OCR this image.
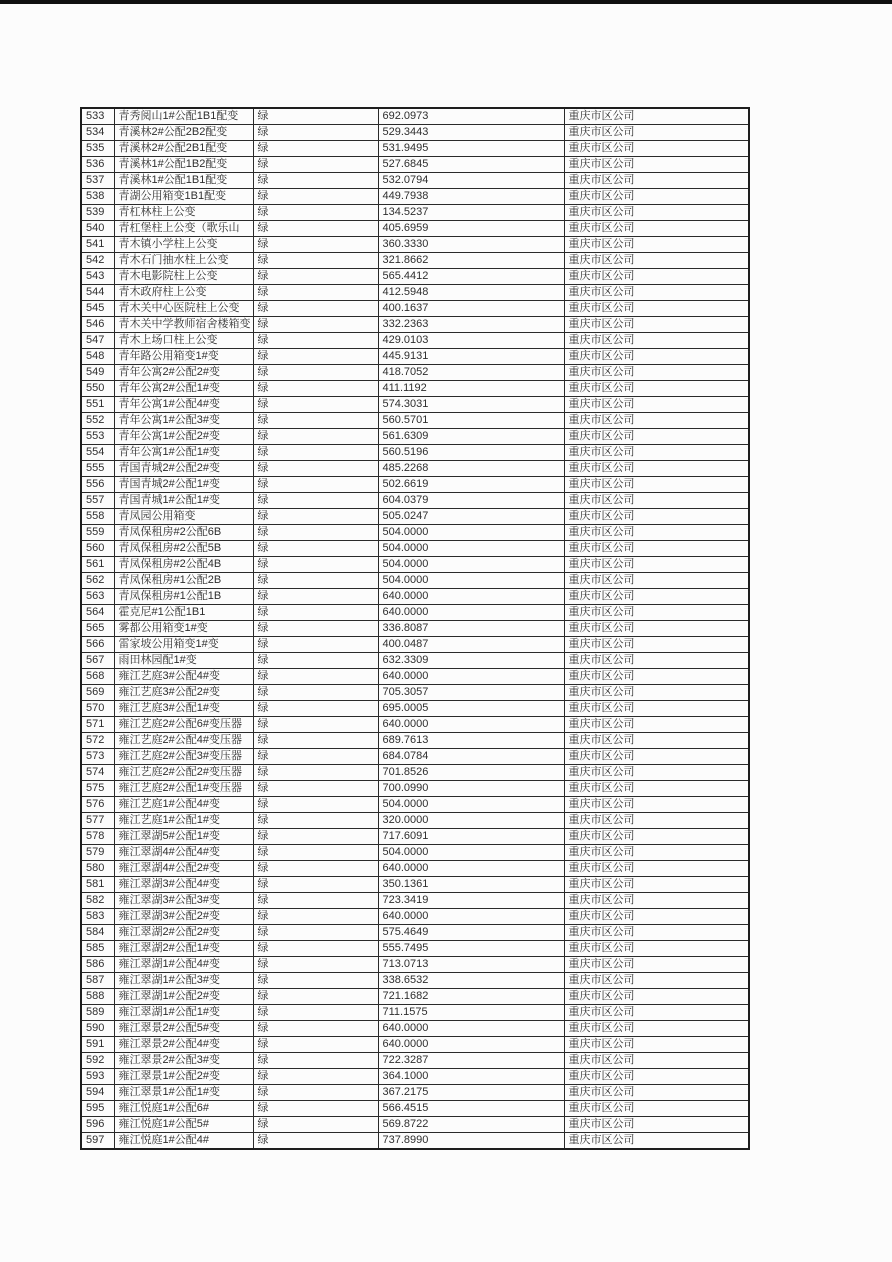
533	青秀阅山1#公配1B1配变	绿	692.0973	重庆市区公司
534	青溪林2#公配2B2配变	绿	529.3443	重庆市区公司
535	青溪林2#公配2B1配变	绿	531.9495	重庆市区公司
536	青溪林1#公配1B2配变	绿	527.6845	重庆市区公司
537	青溪林1#公配1B1配变	绿	532.0794	重庆市区公司
538	青湖公用箱变1B1配变	绿	449.7938	重庆市区公司
539	青杠林柱上公变	绿	134.5237	重庆市区公司
540	青杠堡柱上公变（歌乐山	绿	405.6959	重庆市区公司
541	青木镇小学柱上公变	绿	360.3330	重庆市区公司
542	青木石门抽水柱上公变	绿	321.8662	重庆市区公司
543	青木电影院柱上公变	绿	565.4412	重庆市区公司
544	青木政府柱上公变	绿	412.5948	重庆市区公司
545	青木关中心医院柱上公变	绿	400.1637	重庆市区公司
546	青木关中学教师宿舍楼箱变	绿	332.2363	重庆市区公司
547	青木上场口柱上公变	绿	429.0103	重庆市区公司
548	青年路公用箱变1#变	绿	445.9131	重庆市区公司
549	青年公寓2#公配2#变	绿	418.7052	重庆市区公司
550	青年公寓2#公配1#变	绿	411.1192	重庆市区公司
551	青年公寓1#公配4#变	绿	574.3031	重庆市区公司
552	青年公寓1#公配3#变	绿	560.5701	重庆市区公司
553	青年公寓1#公配2#变	绿	561.6309	重庆市区公司
554	青年公寓1#公配1#变	绿	560.5196	重庆市区公司
555	青国青城2#公配2#变	绿	485.2268	重庆市区公司
556	青国青城2#公配1#变	绿	502.6619	重庆市区公司
557	青国青城1#公配1#变	绿	604.0379	重庆市区公司
558	青凤园公用箱变	绿	505.0247	重庆市区公司
559	青凤保租房#2公配6B	绿	504.0000	重庆市区公司
560	青凤保租房#2公配5B	绿	504.0000	重庆市区公司
561	青凤保租房#2公配4B	绿	504.0000	重庆市区公司
562	青凤保租房#1公配2B	绿	504.0000	重庆市区公司
563	青凤保租房#1公配1B	绿	640.0000	重庆市区公司
564	霍克尼#1公配1B1	绿	640.0000	重庆市区公司
565	雾都公用箱变1#变	绿	336.8087	重庆市区公司
566	雷家坡公用箱变1#变	绿	400.0487	重庆市区公司
567	雨田林园配1#变	绿	632.3309	重庆市区公司
568	雍江艺庭3#公配4#变	绿	640.0000	重庆市区公司
569	雍江艺庭3#公配2#变	绿	705.3057	重庆市区公司
570	雍江艺庭3#公配1#变	绿	695.0005	重庆市区公司
571	雍江艺庭2#公配6#变压器	绿	640.0000	重庆市区公司
572	雍江艺庭2#公配4#变压器	绿	689.7613	重庆市区公司
573	雍江艺庭2#公配3#变压器	绿	684.0784	重庆市区公司
574	雍江艺庭2#公配2#变压器	绿	701.8526	重庆市区公司
575	雍江艺庭2#公配1#变压器	绿	700.0990	重庆市区公司
576	雍江艺庭1#公配4#变	绿	504.0000	重庆市区公司
577	雍江艺庭1#公配1#变	绿	320.0000	重庆市区公司
578	雍江翠湖5#公配1#变	绿	717.6091	重庆市区公司
579	雍江翠湖4#公配4#变	绿	504.0000	重庆市区公司
580	雍江翠湖4#公配2#变	绿	640.0000	重庆市区公司
581	雍江翠湖3#公配4#变	绿	350.1361	重庆市区公司
582	雍江翠湖3#公配3#变	绿	723.3419	重庆市区公司
583	雍江翠湖3#公配2#变	绿	640.0000	重庆市区公司
584	雍江翠湖2#公配2#变	绿	575.4649	重庆市区公司
585	雍江翠湖2#公配1#变	绿	555.7495	重庆市区公司
586	雍江翠湖1#公配4#变	绿	713.0713	重庆市区公司
587	雍江翠湖1#公配3#变	绿	338.6532	重庆市区公司
588	雍江翠湖1#公配2#变	绿	721.1682	重庆市区公司
589	雍江翠湖1#公配1#变	绿	711.1575	重庆市区公司
590	雍江翠景2#公配5#变	绿	640.0000	重庆市区公司
591	雍江翠景2#公配4#变	绿	640.0000	重庆市区公司
592	雍江翠景2#公配3#变	绿	722.3287	重庆市区公司
593	雍江翠景1#公配2#变	绿	364.1000	重庆市区公司
594	雍江翠景1#公配1#变	绿	367.2175	重庆市区公司
595	雍江悦庭1#公配6#	绿	566.4515	重庆市区公司
596	雍江悦庭1#公配5#	绿	569.8722	重庆市区公司
597	雍江悦庭1#公配4#	绿	737.8990	重庆市区公司
